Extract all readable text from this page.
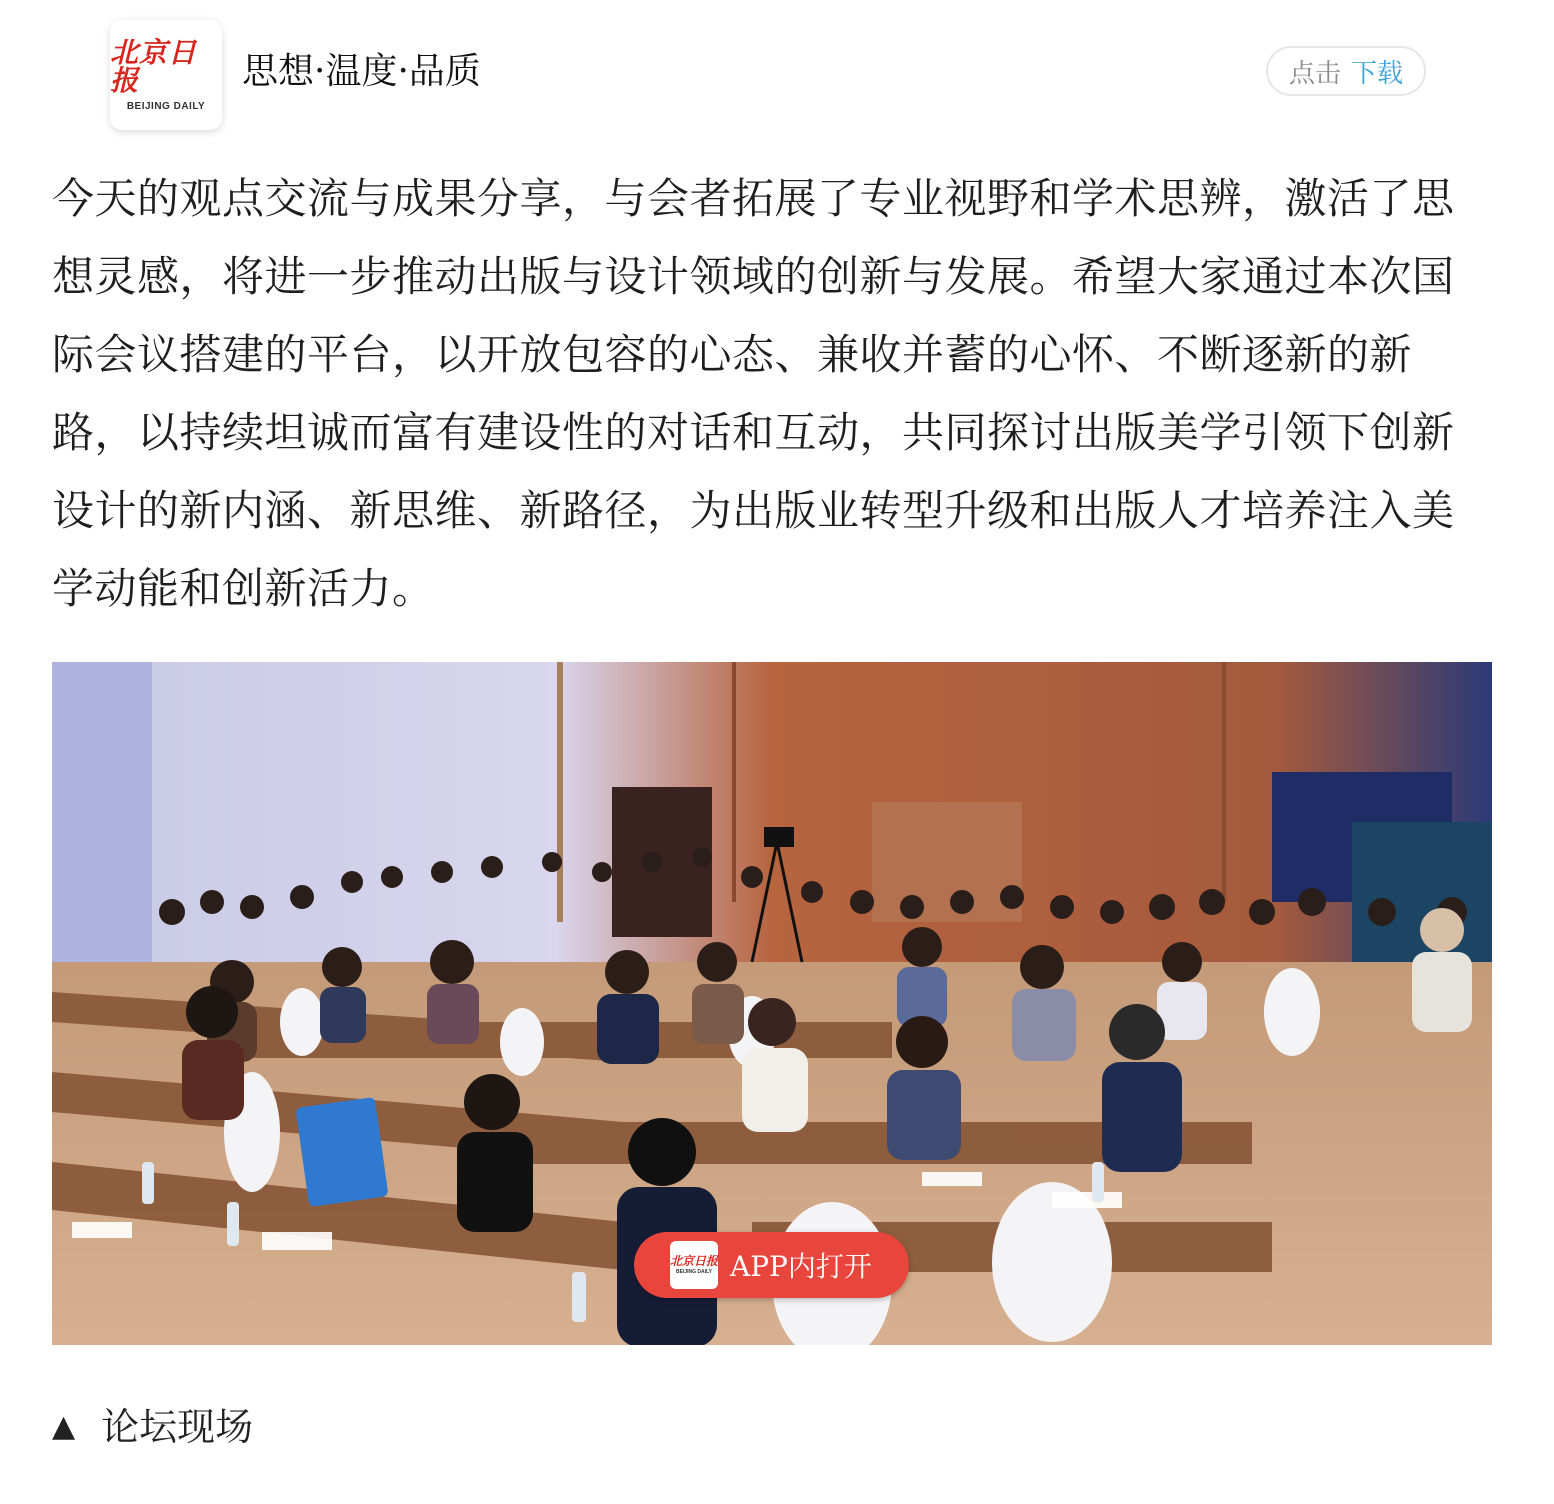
北京日报
BEIJING DAILY
思想·温度·品质	点击 下载

今天的观点交流与成果分享，与会者拓展了专业视野和学术思辨，激活了思想灵感，将进一步推动出版与设计领域的创新与发展。希望大家通过本次国际会议搭建的平台，以开放包容的心态、兼收并蓄的心怀、不断逐新的新路，以持续坦诚而富有建设性的对话和互动，共同探讨出版美学引领下创新设计的新内涵、新思维、新路径，为出版业转型升级和出版人才培养注入美学动能和创新活力。

北京日报
BEIJING DAILY APP内打开
▲ 论坛现场
